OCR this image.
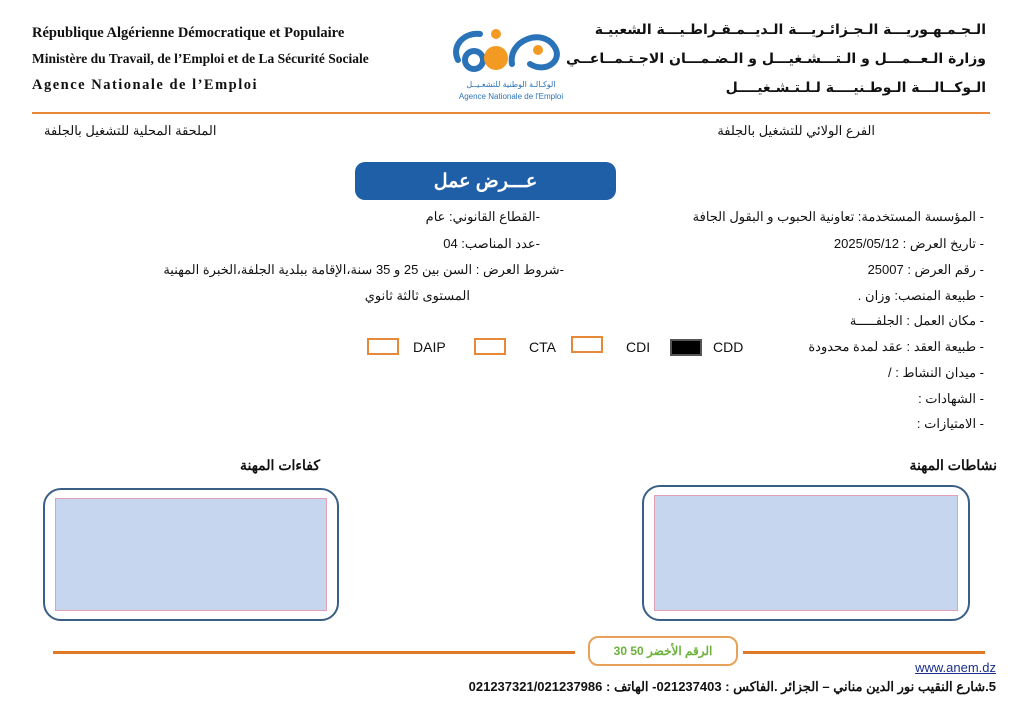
République Algérienne Démocratique et Populaire
Ministère du Travail, de l’Emploi et de La Sécurité Sociale
Agence Nationale de l’Emploi	الوكـالـة الوطنية للتشغـيــل
Agence Nationale de l'Emploi
الـجـمـهـوريـــة الـجـزائـريـــة الـديــمـقـراطـيـــة الشعبيـة
وزارة الـعــمـــل و الـتـــشـغيـــل و الـضـمـــان الاجـتـمــاعــي
الـوكــالـــة الـوطـنيــــة لـلـتـشـغيــــل
الفرع الولائي للتشغيل بالجلفة
الملحقة المحلية للتشغيل بالجلفة
عـــرض عمل
- المؤسسة المستخدمة: تعاونية الحبوب و البقول الجافة
- تاريخ العرض : 2025/05/12
- رقم العرض : 25007
- طبيعة المنصب: وزان .
- مكان العمل : الجلفـــــة
- طبيعة العقد : عقد لمدة محدودة
- ميدان النشاط : /
- الشهادات :
- الامتيازات :
-القطاع القانوني: عام
-عدد المناصب: 04
-شروط العرض : السن بين 25 و 35 سنة،الإقامة ببلدية الجلفة،الخبرة المهنية
المستوى ثالثة ثانوي
CDD
CDI
CTA
DAIP
نشاطات المهنة
كفاءات المهنة
الرقم الأخضر 50 30
www.anem.dz
5.شارع النقيب نور الدين مناني – الجزائر .الفاكس : 021237403- الهاتف : 021237321/021237986
